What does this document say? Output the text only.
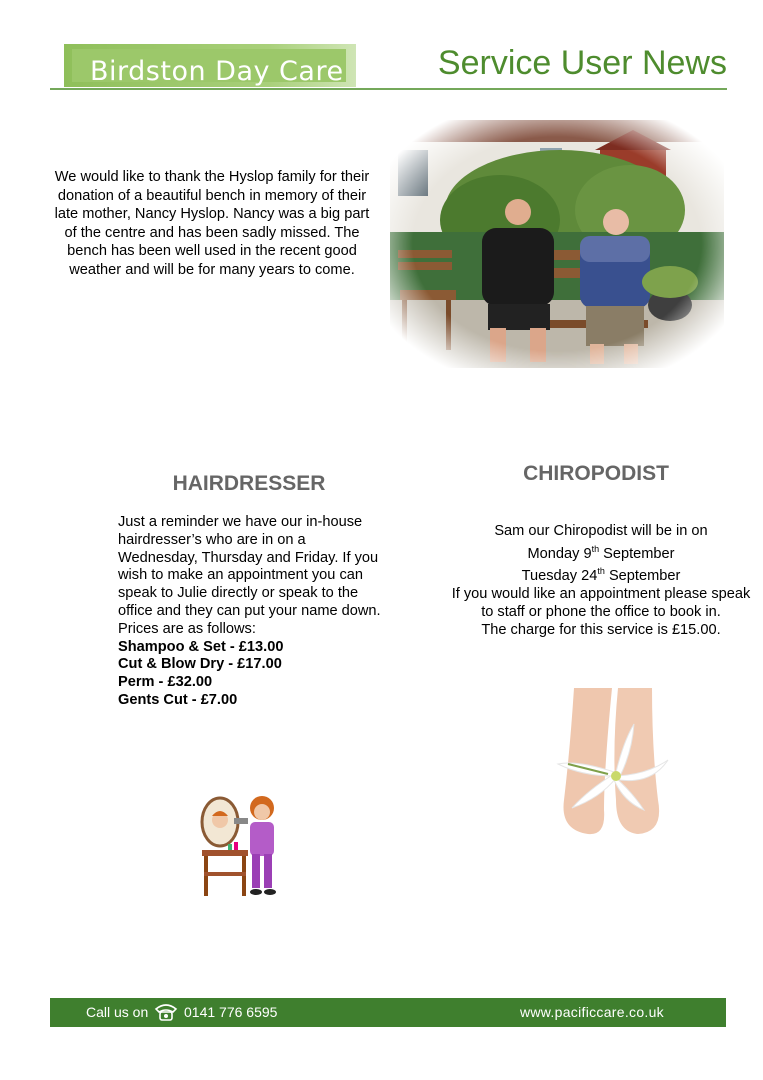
Birdston Day Care	Service User News
We would like to thank the Hyslop family for their donation of a beautiful bench in memory of their late mother, Nancy Hyslop. Nancy was a big part of the centre and has been sadly missed. The bench has been well used in the recent good weather and will be for many years to come.
HAIRDRESSER
Just a reminder we have our in-house hairdresser’s who are in on a Wednesday, Thursday and Friday. If you wish to make an appointment you can speak to Julie directly or speak to the office and they can put your name down.
Prices are as follows:
Shampoo & Set - £13.00
Cut & Blow Dry - £17.00
Perm - £32.00
Gents Cut - £7.00
CHIROPODIST
Sam our Chiropodist will be in on
Monday 9th September
Tuesday 24th September
If you would like an appointment please speak to staff or phone the office to book in.
The charge for this service is £15.00.
Call us on	0141 776 6595	www.pacificcare.co.uk
